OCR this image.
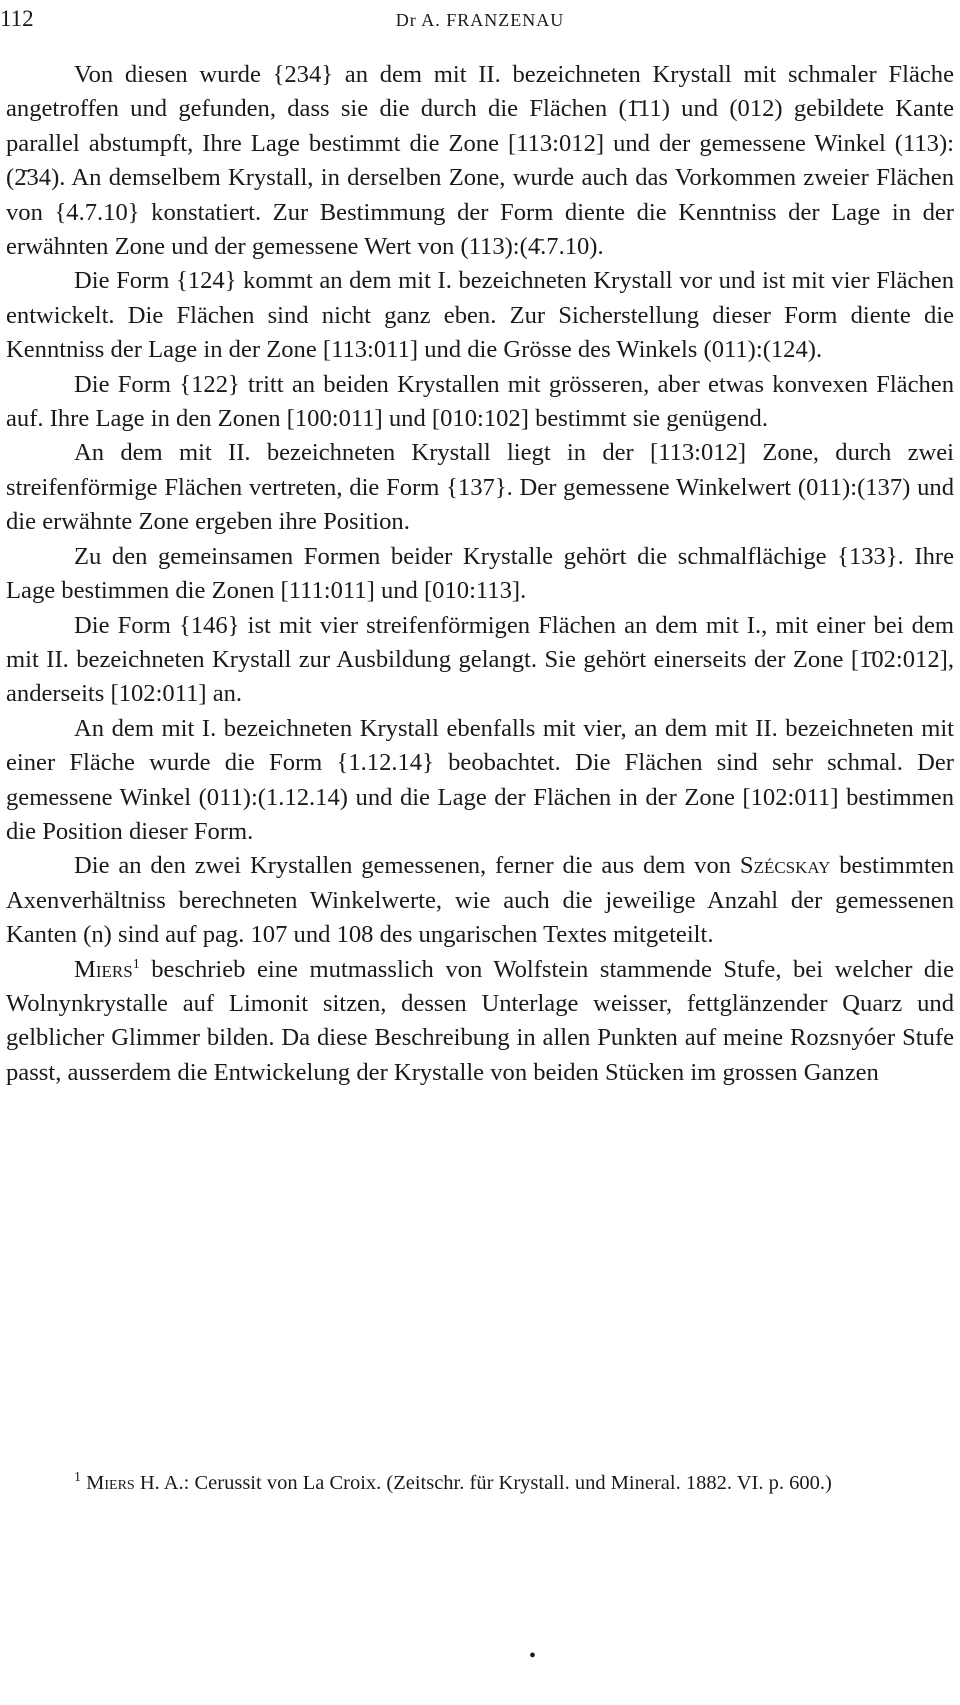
112	Dr A. FRANZENAU

Von diesen wurde {234} an dem mit II. bezeichneten Krystall mit schmaler Fläche angetroffen und gefunden, dass sie die durch die Flächen (1̄11) und (012) gebildete Kante parallel abstumpft, Ihre Lage bestimmt die Zone [113:012] und der gemessene Winkel (113):(2̄34). An demselbem Krystall, in derselben Zone, wurde auch das Vorkommen zweier Flächen von {4.7.10} konstatiert. Zur Bestimmung der Form diente die Kenntniss der Lage in der erwähnten Zone und der gemessene Wert von (113):(4̄.7.10).

Die Form {124} kommt an dem mit I. bezeichneten Krystall vor und ist mit vier Flächen entwickelt. Die Flächen sind nicht ganz eben. Zur Sicherstellung dieser Form diente die Kenntniss der Lage in der Zone [113:011] und die Grösse des Winkels (011):(124).

Die Form {122} tritt an beiden Krystallen mit grösseren, aber etwas konvexen Flächen auf. Ihre Lage in den Zonen [100:011] und [010:102] bestimmt sie genügend.

An dem mit II. bezeichneten Krystall liegt in der [113:012] Zone, durch zwei streifenförmige Flächen vertreten, die Form {137}. Der gemessene Winkelwert (011):(137) und die erwähnte Zone ergeben ihre Position.

Zu den gemeinsamen Formen beider Krystalle gehört die schmalflächige {133}. Ihre Lage bestimmen die Zonen [111:011] und [010:113].

Die Form {146} ist mit vier streifenförmigen Flächen an dem mit I., mit einer bei dem mit II. bezeichneten Krystall zur Ausbildung gelangt. Sie gehört einerseits der Zone [1̄02:012], anderseits [102:011] an.

An dem mit I. bezeichneten Krystall ebenfalls mit vier, an dem mit II. bezeichneten mit einer Fläche wurde die Form {1.12.14} beobachtet. Die Flächen sind sehr schmal. Der gemessene Winkel (011):(1.12.14) und die Lage der Flächen in der Zone [102:011] bestimmen die Position dieser Form.

Die an den zwei Krystallen gemessenen, ferner die aus dem von Szécskay bestimmten Axenverhältniss berechneten Winkelwerte, wie auch die jeweilige Anzahl der gemessenen Kanten (n) sind auf pag. 107 und 108 des ungarischen Textes mitgeteilt.

Miers$^1$ beschrieb eine mutmasslich von Wolfstein stammende Stufe, bei welcher die Wolnynkrystalle auf Limonit sitzen, dessen Unterlage weisser, fettglänzender Quarz und gelblicher Glimmer bilden. Da diese Beschreibung in allen Punkten auf meine Rozsnyóer Stufe passt, ausserdem die Entwickelung der Krystalle von beiden Stücken im grossen Ganzen

$^1$ Miers H. A.: Cerussit von La Croix. (Zeitschr. für Krystall. und Mineral. 1882. VI. p. 600.)

•
